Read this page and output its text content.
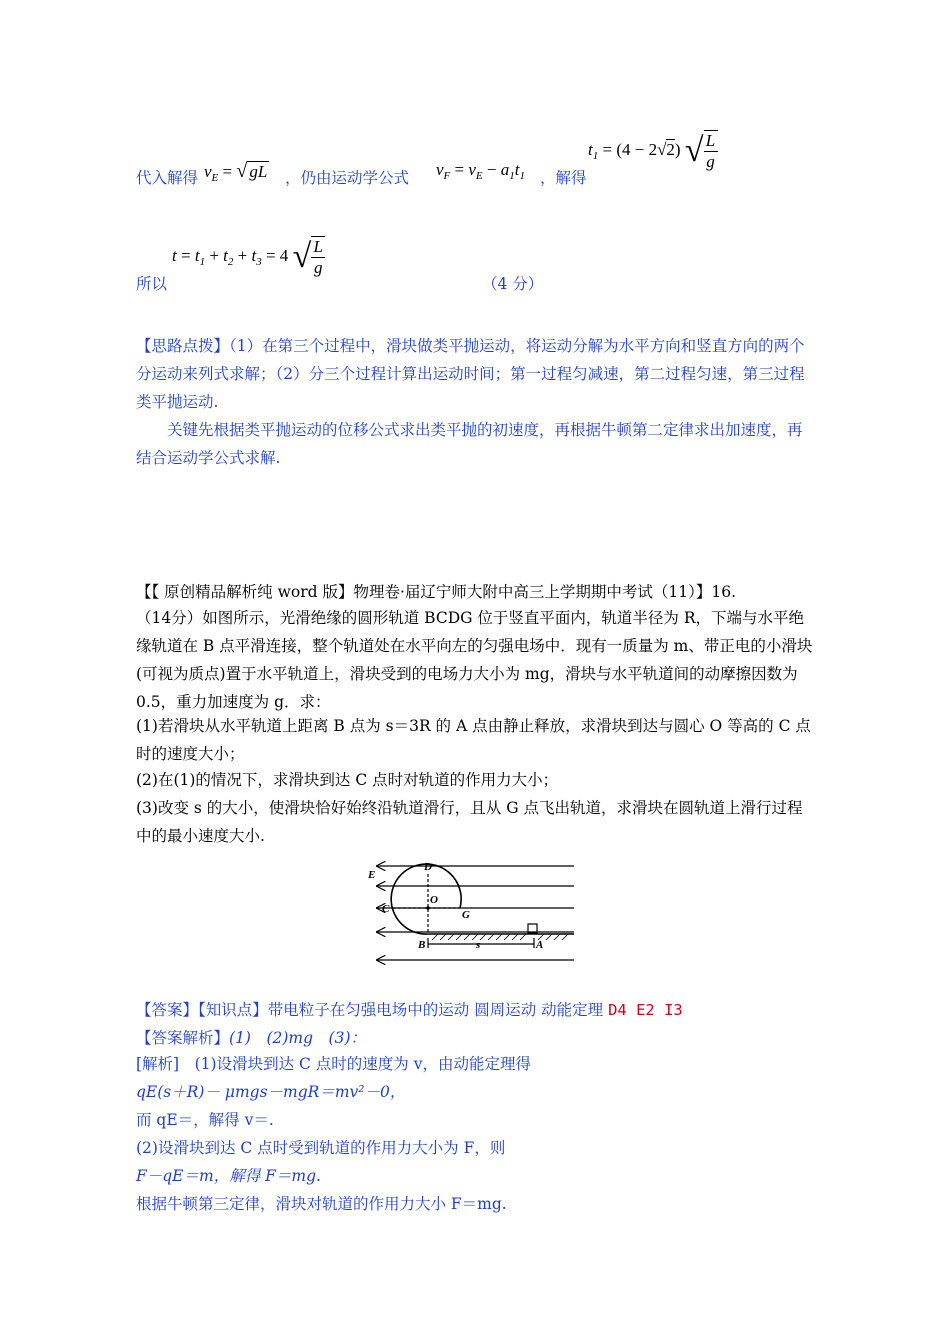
代入解得 $v_E$ = √ gL ，仍由运动学公式 $v_F = v_E - a_1t_1$ ，解得
$t_1 = (4 - 2√2)$ √ L
g
所以
$t = t_1 + t_2 + t_3 = 4$ √ L
g
（4 分）
【思路点拨】（1）在第三个过程中，滑块做类平抛运动，将运动分解为水平方向和竖直方向的两个分运动来列式求解；（2）分三个过程计算出运动时间；第一过程匀减速，第二过程匀速，第三过程类平抛运动.
关键先根据类平抛运动的位移公式求出类平抛的初速度，再根据牛顿第二定律求出加速度，再结合运动学公式求解.
【【 原创精品解析纯 word 版】物理卷·届辽宁师大附中高三上学期期中考试（11）】16.
（14分）如图所示，光滑绝缘的圆形轨道 BCDG 位于竖直平面内，轨道半径为 R，下端与水平绝缘轨道在 B 点平滑连接，整个轨道处在水平向左的匀强电场中．现有一质量为 m、带正电的小滑块(可视为质点)置于水平轨道上，滑块受到的电场力大小为 mg，滑块与水平轨道间的动摩擦因数为 0.5，重力加速度为 g．求：
(1)若滑块从水平轨道上距离 B 点为 s＝3R 的 A 点由静止释放，求滑块到达与圆心 O 等高的 C 点时的速度大小；
(2)在(1)的情况下，求滑块到达 C 点时对轨道的作用力大小；
(3)改变 s 的大小，使滑块恰好始终沿轨道滑行，且从 G 点飞出轨道，求滑块在圆轨道上滑行过程中的最小速度大小.
E
D
O
C	G
B	A
s
【答案】【知识点】带电粒子在匀强电场中的运动 圆周运动 动能定理 D4 E2 I3
【答案解析】(1)　(2)mg　(3)：
[解析]　 (1)设滑块到达 C 点时的速度为 v，由动能定理得
qE(s＋R)－ μmgs－mgR＝mv²－0，
而 qE＝，解得 v＝.
(2)设滑块到达 C 点时受到轨道的作用力大小为 F，则
F－qE＝m，解得 F＝mg.
根据牛顿第三定律，滑块对轨道的作用力大小 F＝mg.
